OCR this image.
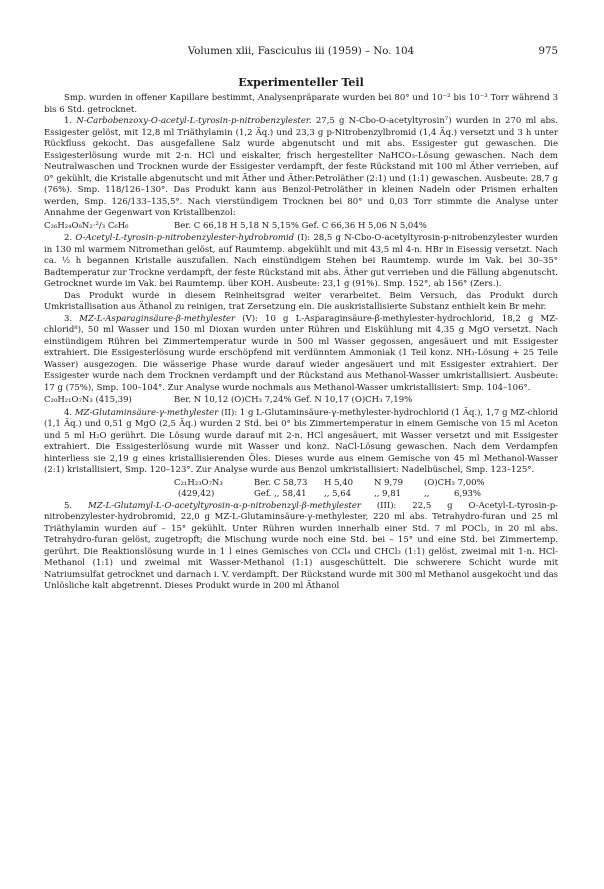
Volumen xlii, Fasciculus iii (1959) – No. 104	975
Experimenteller Teil

Smp. wurden in offener Kapillare bestimmt, Analysenpräparate wurden bei 80° und 10⁻² bis 10⁻³ Torr während 3 bis 6 Std. getrocknet.

1. N-Carbobenzoxy-O-acetyl-L-tyrosin-p-nitrobenzylester. 27,5 g N-Cbo-O-acetyltyrosin⁷) wurden in 270 ml abs. Essigester gelöst, mit 12,8 ml Triäthylamin (1,2 Äq.) und 23,3 g p-Nitrobenzylbromid (1,4 Äq.) versetzt und 3 h unter Rückfluss gekocht. Das ausgefallene Salz wurde abgenutscht und mit abs. Essigester gut gewaschen. Die Essigesterlösung wurde mit 2-n. HCl und eiskalter, frisch hergestellter NaHCO₃-Lösung gewaschen. Nach dem Neutralwaschen und Trocknen wurde der Essigester verdampft, der feste Rückstand mit 100 ml Äther verrieben, auf 0° gekühlt, die Kristalle abgenutscht und mit Äther und Äther:Petroläther (2:1) und (1:1) gewaschen. Ausbeute: 28,7 g (76%). Smp. 118/126–130°. Das Produkt kann aus Benzol-Petroläther in kleinen Nadeln oder Prismen erhalten werden, Smp. 126/133–135,5°. Nach vierstündigem Trocknen bei 80° und 0,03 Torr stimmte die Analyse unter Annahme der Gegenwart von Kristallbenzol:

C₂₆H₂₄O₈N₂·²/₃ C₆H₆	Ber. C 66,18 H 5,18 N 5,15% Gef. C 66,36 H 5,06 N 5,04%

2. O-Acetyl-L-tyrosin-p-nitrobenzylester-hydrobromid (I): 28,5 g N-Cbo-O-acetyltyrosin-p-nitrobenzylester wurden in 130 ml warmem Nitromethan gelöst, auf Raumtemp. abgekühlt und mit 43,5 ml 4-n. HBr in Eisessig versetzt. Nach ca. ½ h begannen Kristalle auszufallen. Nach einstündigem Stehen bei Raumtemp. wurde im Vak. bei 30–35° Badtemperatur zur Trockne verdampft, der feste Rückstand mit abs. Äther gut verrieben und die Fällung abgenutscht. Getrocknet wurde im Vak. bei Raumtemp. über KOH. Ausbeute: 23,1 g (91%). Smp. 152°, ab 156° (Zers.).

Das Produkt wurde in diesem Reinheitsgrad weiter verarbeitet. Beim Versuch, das Produkt durch Umkristallisation aus Äthanol zu reinigen, trat Zersetzung ein. Die auskristallisierte Substanz enthielt kein Br mehr.

3. MZ-L-Asparaginsäure-β-methylester (V): 10 g L-Asparaginsäure-β-methylester-hydrochlorid, 18,2 g MZ-chlorid⁸), 50 ml Wasser und 150 ml Dioxan wurden unter Rühren und Eiskühlung mit 4,35 g MgO versetzt. Nach einstündigem Rühren bei Zimmertemperatur wurde in 500 ml Wasser gegossen, angesäuert und mit Essigester extrahiert. Die Essigesterlösung wurde erschöpfend mit verdünntem Ammoniak (1 Teil konz. NH₃-Lösung + 25 Teile Wasser) ausgezogen. Die wässerige Phase wurde darauf wieder angesäuert und mit Essigester extrahiert. Der Essigester wurde nach dem Trocknen verdampft und der Rückstand aus Methanol-Wasser umkristallisiert. Ausbeute: 17 g (75%), Smp. 100–104°. Zur Analyse wurde nochmals aus Methanol-Wasser umkristallisiert: Smp. 104–106°.

C₂₀H₂₁O₇N₃ (415,39)	Ber. N 10,12 (O)CH₃ 7,24% Gef. N 10,17 (O)CH₃ 7,19%

4. MZ-Glutaminsäure-γ-methylester (II): 1 g L-Glutaminsäure-γ-methylester-hydrochlorid (1 Äq.), 1,7 g MZ-chlorid (1,1 Äq.) und 0,51 g MgO (2,5 Äq.) wurden 2 Std. bei 0° bis Zimmertemperatur in einem Gemische von 15 ml Aceton und 5 ml H₂O gerührt. Die Lösung wurde darauf mit 2-n. HCl angesäuert, mit Wasser versetzt und mit Essigester extrahiert. Die Essigesterlösung wurde mit Wasser und konz. NaCl-Lösung gewaschen. Nach dem Verdampfen hinterliess sie 2,19 g eines kristallisierenden Öles. Dieses wurde aus einem Gemische von 45 ml Methanol-Wasser (2:1) kristallisiert, Smp. 120–123°. Zur Analyse wurde aus Benzol umkristallisiert: Nadelbüschel, Smp. 123–125°.

C₂₁H₂₃O₇N₃	Ber. C 58,73	H 5,40	N 9,79	(O)CH₃ 7,00%
(429,42)	Gef. ,, 58,41	,, 5,64	,, 9,81	,,	6,93%

5. MZ-L-Glutamyl-L-O-acetyltyrosin-α-p-nitrobenzyl-β-methylester (III): 22,5 g O-Acetyl-L-tyrosin-p-nitrobenzylester-hydrobromid, 22,0 g MZ-L-Glutaminsäure-γ-methylester, 220 ml abs. Tetrahydro-furan und 25 ml Triäthylamin wurden auf – 15° gekühlt. Unter Rühren wurden innerhalb einer Std. 7 ml POCl₃, in 20 ml abs. Tetrahydro-furan gelöst, zugetropft; die Mischung wurde noch eine Std. bei – 15° und eine Std. bei Zimmertemp. gerührt. Die Reaktionslösung wurde in 1 l eines Gemisches von CCl₄ und CHCl₃ (1:1) gelöst, zweimal mit 1-n. HCl-Methanol (1:1) und zweimal mit Wasser-Methanol (1:1) ausgeschüttelt. Die schwerere Schicht wurde mit Natriumsulfat getrocknet und darnach i. V. verdampft. Der Rückstand wurde mit 300 ml Methanol ausgekocht und das Unlösliche kalt abgetrennt. Dieses Produkt wurde in 200 ml Äthanol
